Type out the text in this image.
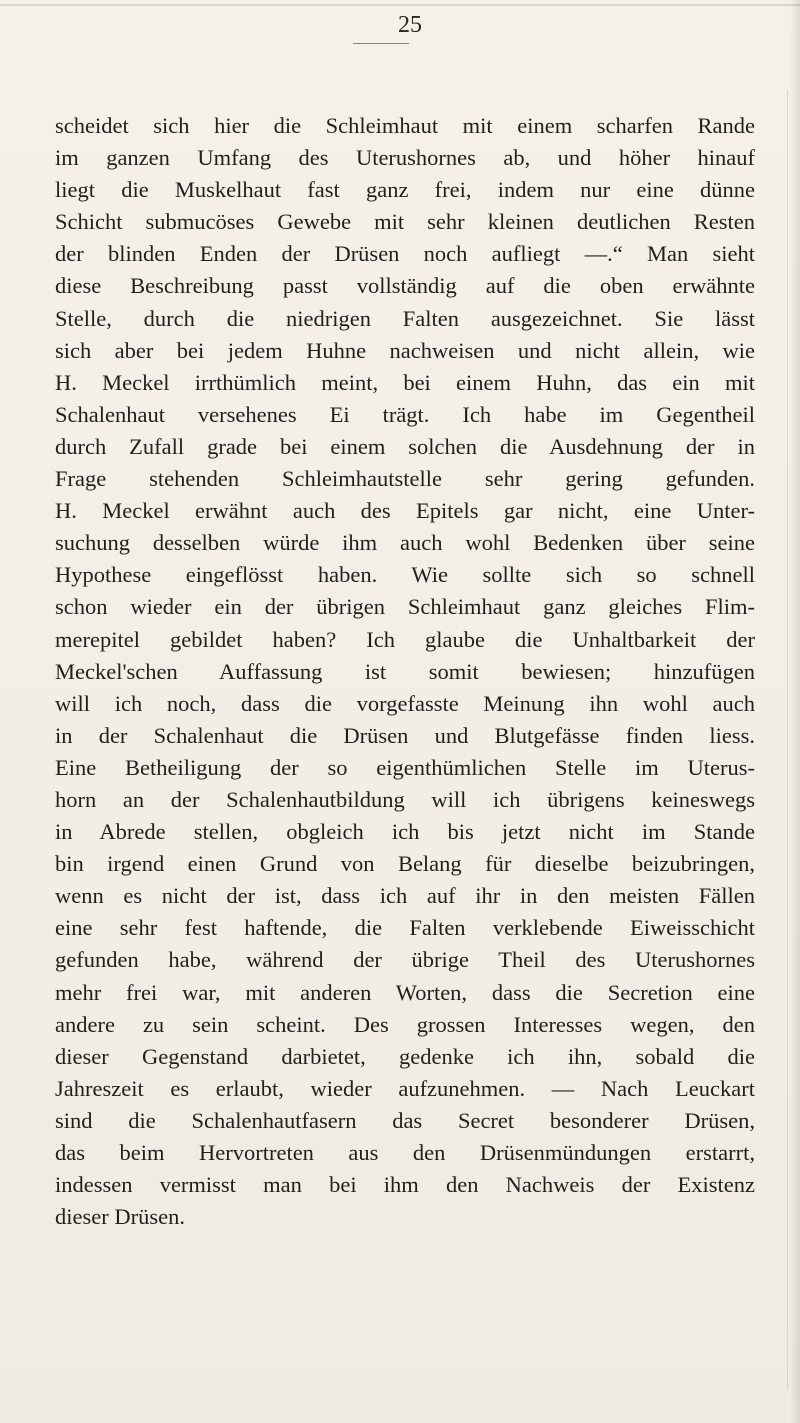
25
scheidet sich hier die Schleimhaut mit einem scharfen Rande
im ganzen Umfang des Uterushornes ab, und höher hinauf
liegt die Muskelhaut fast ganz frei, indem nur eine dünne
Schicht submucöses Gewebe mit sehr kleinen deutlichen Resten
der blinden Enden der Drüsen noch aufliegt —.“ Man sieht
diese Beschreibung passt vollständig auf die oben erwähnte
Stelle, durch die niedrigen Falten ausgezeichnet. Sie lässt
sich aber bei jedem Huhne nachweisen und nicht allein, wie
H. Meckel irrthümlich meint, bei einem Huhn, das ein mit
Schalenhaut versehenes Ei trägt. Ich habe im Gegentheil
durch Zufall grade bei einem solchen die Ausdehnung der in
Frage stehenden Schleimhautstelle sehr gering gefunden.
H. Meckel erwähnt auch des Epitels gar nicht, eine Unter-
suchung desselben würde ihm auch wohl Bedenken über seine
Hypothese eingeflösst haben. Wie sollte sich so schnell
schon wieder ein der übrigen Schleimhaut ganz gleiches Flim-
merepitel gebildet haben? Ich glaube die Unhaltbarkeit der
Meckel'schen Auffassung ist somit bewiesen; hinzufügen
will ich noch, dass die vorgefasste Meinung ihn wohl auch
in der Schalenhaut die Drüsen und Blutgefässe finden liess.
Eine Betheiligung der so eigenthümlichen Stelle im Uterus-
horn an der Schalenhautbildung will ich übrigens keineswegs
in Abrede stellen, obgleich ich bis jetzt nicht im Stande
bin irgend einen Grund von Belang für dieselbe beizubringen,
wenn es nicht der ist, dass ich auf ihr in den meisten Fällen
eine sehr fest haftende, die Falten verklebende Eiweisschicht
gefunden habe, während der übrige Theil des Uterushornes
mehr frei war, mit anderen Worten, dass die Secretion eine
andere zu sein scheint. Des grossen Interesses wegen, den
dieser Gegenstand darbietet, gedenke ich ihn, sobald die
Jahreszeit es erlaubt, wieder aufzunehmen. — Nach Leuckart
sind die Schalenhautfasern das Secret besonderer Drüsen,
das beim Hervortreten aus den Drüsenmündungen erstarrt,
indessen vermisst man bei ihm den Nachweis der Existenz
dieser Drüsen.
